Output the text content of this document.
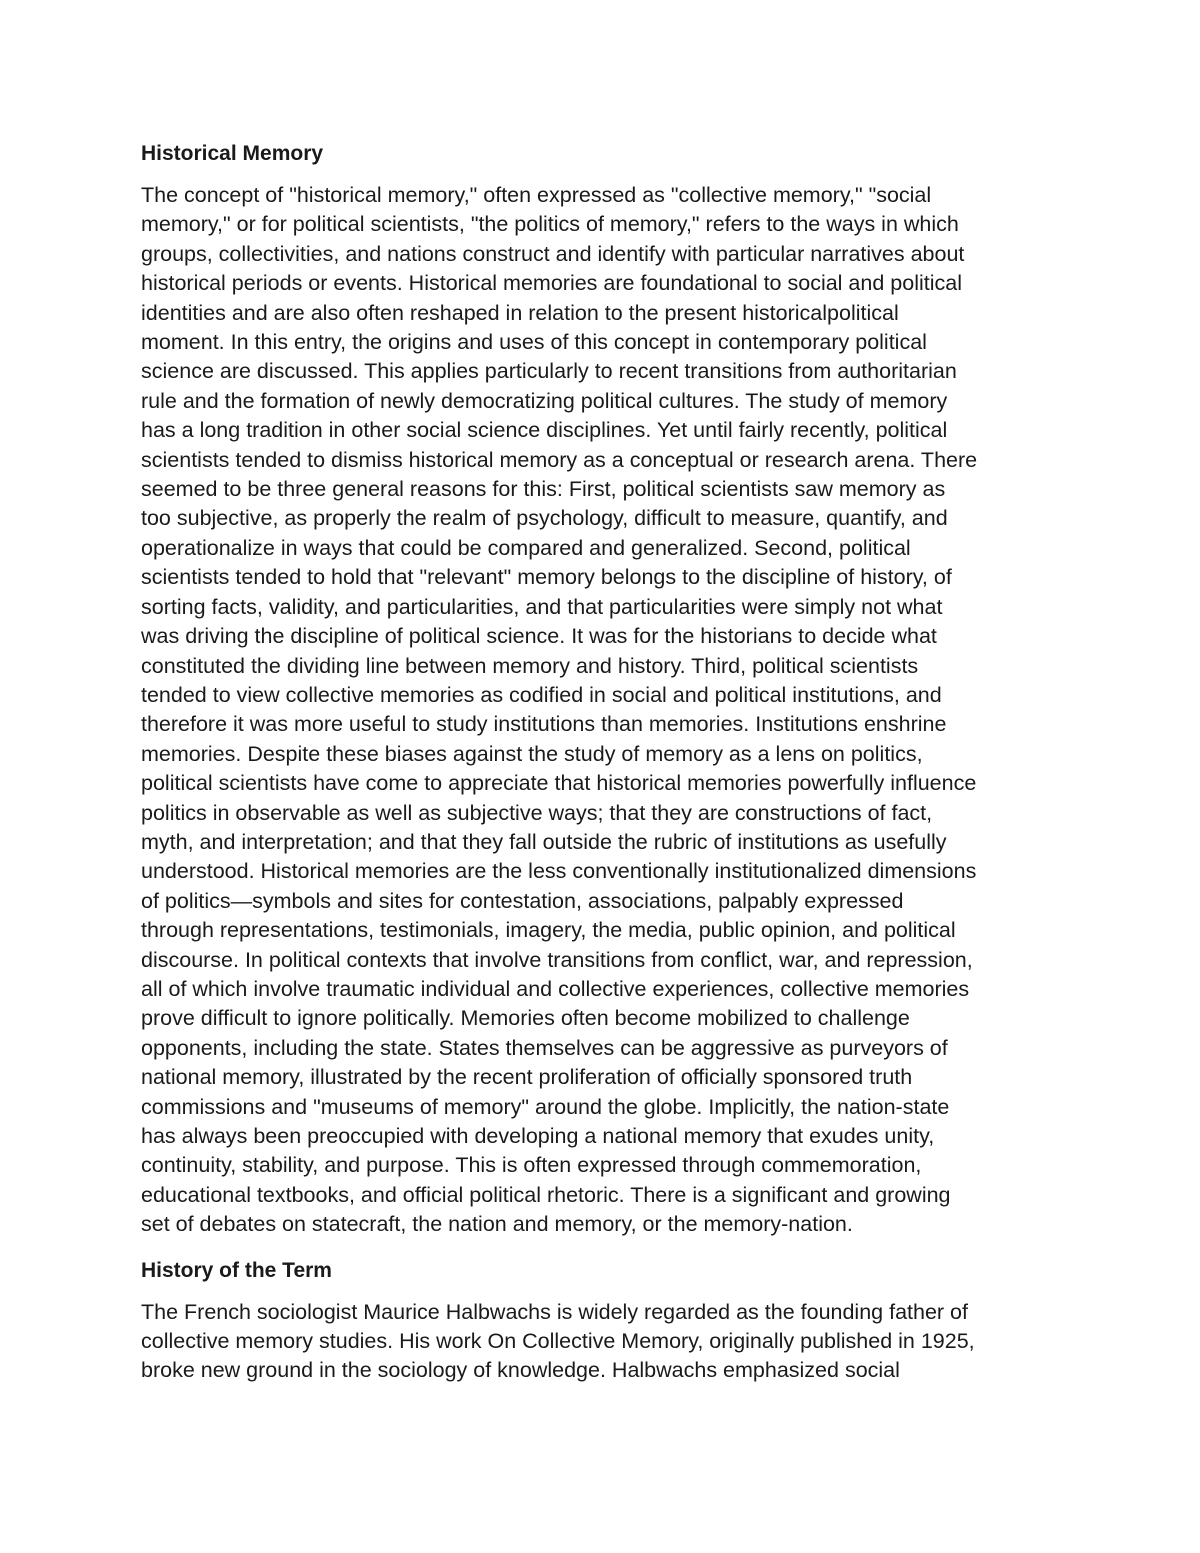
Historical Memory
The concept of "historical memory," often expressed as "collective memory," "social
memory," or for political scientists, "the politics of memory," refers to the ways in which
groups, collectivities, and nations construct and identify with particular narratives about
historical periods or events. Historical memories are foundational to social and political
identities and are also often reshaped in relation to the present historicalpolitical
moment. In this entry, the origins and uses of this concept in contemporary political
science are discussed. This applies particularly to recent transitions from authoritarian
rule and the formation of newly democratizing political cultures. The study of memory
has a long tradition in other social science disciplines. Yet until fairly recently, political
scientists tended to dismiss historical memory as a conceptual or research arena. There
seemed to be three general reasons for this: First, political scientists saw memory as
too subjective, as properly the realm of psychology, difficult to measure, quantify, and
operationalize in ways that could be compared and generalized. Second, political
scientists tended to hold that "relevant" memory belongs to the discipline of history, of
sorting facts, validity, and particularities, and that particularities were simply not what
was driving the discipline of political science. It was for the historians to decide what
constituted the dividing line between memory and history. Third, political scientists
tended to view collective memories as codified in social and political institutions, and
therefore it was more useful to study institutions than memories. Institutions enshrine
memories. Despite these biases against the study of memory as a lens on politics,
political scientists have come to appreciate that historical memories powerfully influence
politics in observable as well as subjective ways; that they are constructions of fact,
myth, and interpretation; and that they fall outside the rubric of institutions as usefully
understood. Historical memories are the less conventionally institutionalized dimensions
of politics—symbols and sites for contestation, associations, palpably expressed
through representations, testimonials, imagery, the media, public opinion, and political
discourse. In political contexts that involve transitions from conflict, war, and repression,
all of which involve traumatic individual and collective experiences, collective memories
prove difficult to ignore politically. Memories often become mobilized to challenge
opponents, including the state. States themselves can be aggressive as purveyors of
national memory, illustrated by the recent proliferation of officially sponsored truth
commissions and "museums of memory" around the globe. Implicitly, the nation-state
has always been preoccupied with developing a national memory that exudes unity,
continuity, stability, and purpose. This is often expressed through commemoration,
educational textbooks, and official political rhetoric. There is a significant and growing
set of debates on statecraft, the nation and memory, or the memory-nation.
History of the Term
The French sociologist Maurice Halbwachs is widely regarded as the founding father of
collective memory studies. His work On Collective Memory, originally published in 1925,
broke new ground in the sociology of knowledge. Halbwachs emphasized social
